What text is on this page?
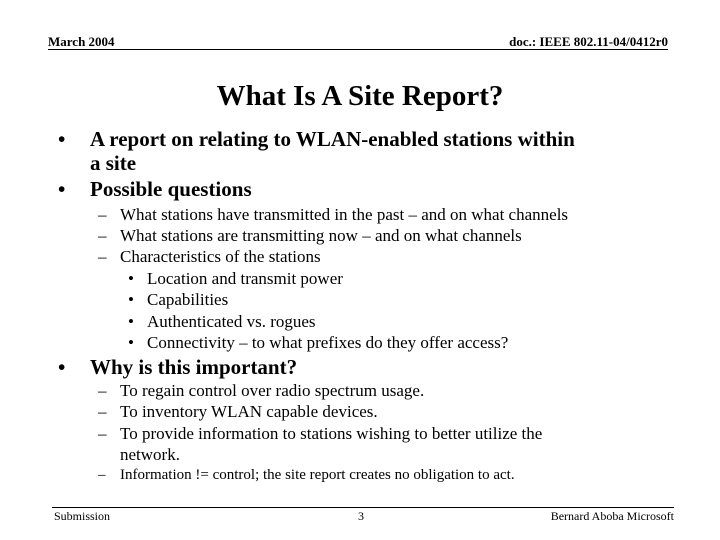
March 2004	doc.: IEEE 802.11-04/0412r0
What Is A Site Report?
• A report on relating to WLAN-enabled stations within
a site
• Possible questions
– What stations have transmitted in the past – and on what channels
– What stations are transmitting now – and on what channels
– Characteristics of the stations
• Location and transmit power
• Capabilities
• Authenticated vs. rogues
• Connectivity – to what prefixes do they offer access?
• Why is this important?
– To regain control over radio spectrum usage.
– To inventory WLAN capable devices.
– To provide information to stations wishing to better utilize the
network.
– Information != control; the site report creates no obligation to act.
Submission	3	Bernard Aboba Microsoft
